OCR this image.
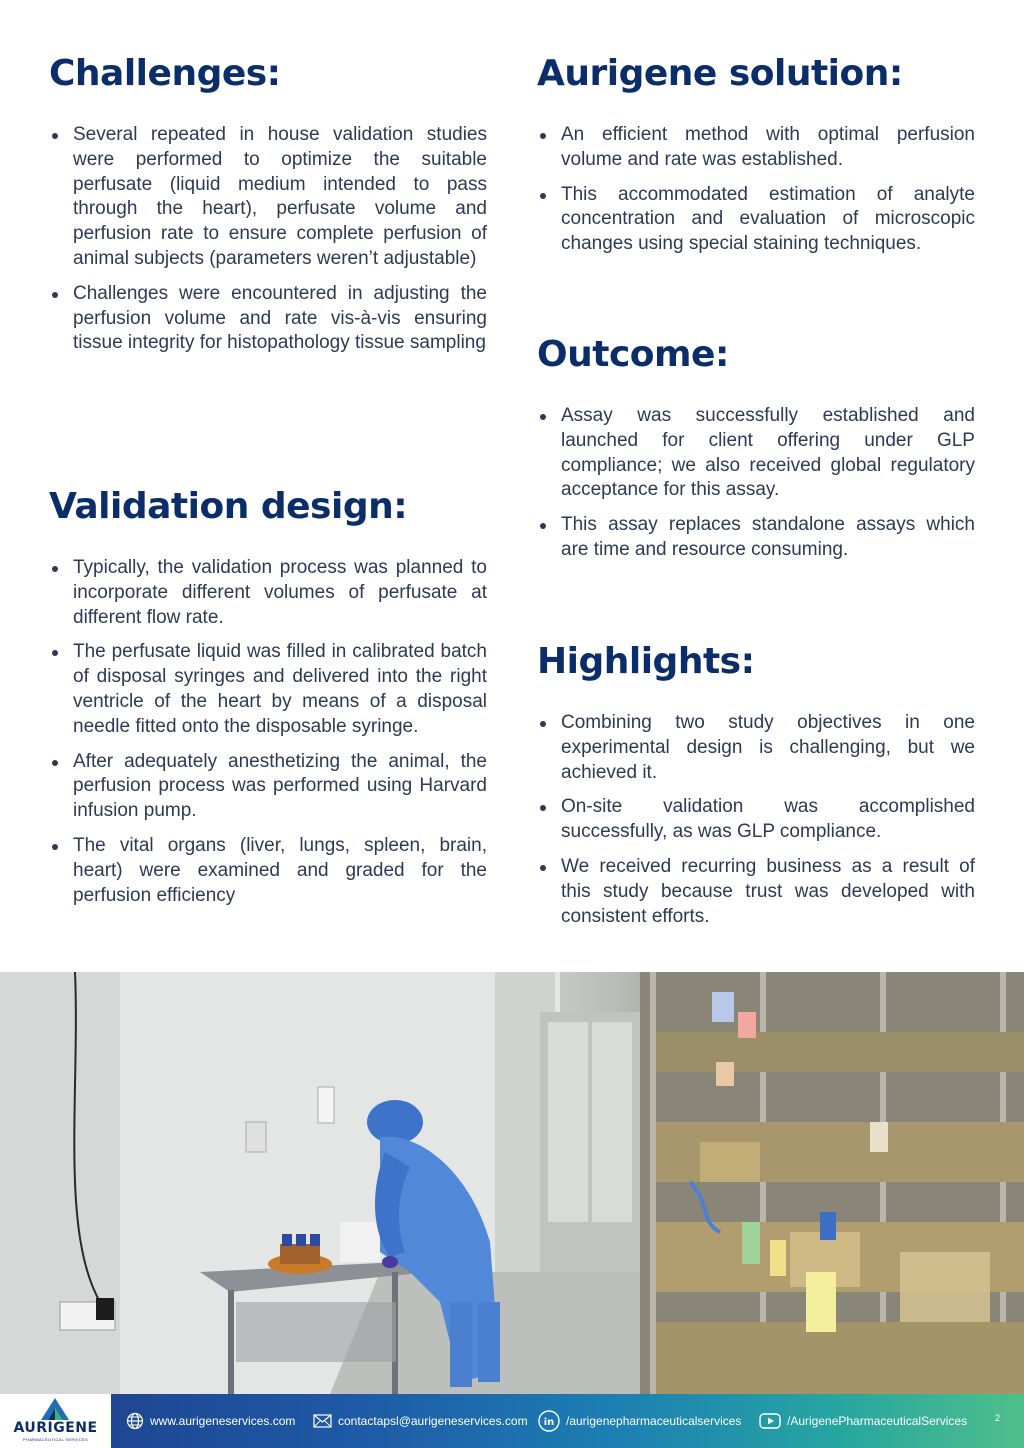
Challenges:
Several repeated in house validation studies were performed to optimize the suitable perfusate (liquid medium intended to pass through the heart), perfusate volume and perfusion rate to ensure complete perfusion of animal subjects (parameters weren’t adjustable)
Challenges were encountered in adjusting the perfusion volume and rate vis-à-vis ensuring tissue integrity for histopathology tissue sampling
Validation design:
Typically, the validation process was planned to incorporate different volumes of perfusate at different flow rate.
The perfusate liquid was filled in calibrated batch of disposal syringes and delivered into the right ventricle of the heart by means of a disposal needle fitted onto the disposable syringe.
After adequately anesthetizing the animal, the perfusion process was performed using Harvard infusion pump.
The vital organs (liver, lungs, spleen, brain, heart) were examined and graded for the perfusion efficiency
Aurigene solution:
An efficient method with optimal perfusion volume and rate was established.
This accommodated estimation of analyte concentration and evaluation of microscopic changes using special staining techniques.
Outcome:
Assay was successfully established and launched for client offering under GLP compliance; we also received global regulatory acceptance for this assay.
This assay replaces standalone assays which are time and resource consuming.
Highlights:
Combining two study objectives in one experimental design is challenging, but we achieved it.
On-site validation was accomplished successfully, as was GLP compliance.
We received recurring business as a result of this study because trust was developed with consistent efforts.
AURIGENE
PHARMACEUTICAL SERVICES
www.aurigeneservices.com	contactapsl@aurigeneservices.com in /aurigenepharmaceuticalservices	/AurigenePharmaceuticalServices	2
